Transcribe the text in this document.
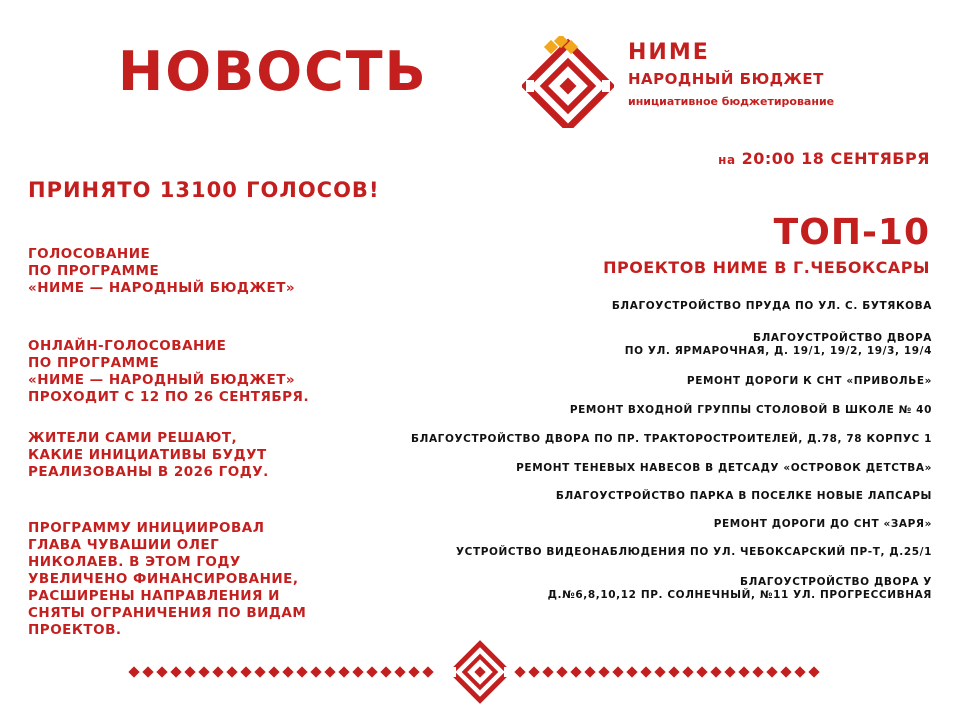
НОВОСТЬ	НИМЕ
НАРОДНЫЙ БЮДЖЕТ
инициативное бюджетирование
на 20:00 18 СЕНТЯБРЯ
ПРИНЯТО 13100 ГОЛОСОВ!
ГОЛОСОВАНИЕ
ПО ПРОГРАММЕ
«НИМЕ — НАРОДНЫЙ БЮДЖЕТ»
ОНЛАЙН-ГОЛОСОВАНИЕ
ПО ПРОГРАММЕ
«НИМЕ — НАРОДНЫЙ БЮДЖЕТ»
ПРОХОДИТ С 12 ПО 26 СЕНТЯБРЯ.
ЖИТЕЛИ САМИ РЕШАЮТ,
КАКИЕ ИНИЦИАТИВЫ БУДУТ
РЕАЛИЗОВАНЫ В 2026 ГОДУ.
ПРОГРАММУ ИНИЦИИРОВАЛ
ГЛАВА ЧУВАШИИ ОЛЕГ
НИКОЛАЕВ. В ЭТОМ ГОДУ
УВЕЛИЧЕНО ФИНАНСИРОВАНИЕ,
РАСШИРЕНЫ НАПРАВЛЕНИЯ И
СНЯТЫ ОГРАНИЧЕНИЯ ПО ВИДАМ
ПРОЕКТОВ.
ТОП-10
ПРОЕКТОВ НИМЕ В Г.ЧЕБОКСАРЫ
БЛАГОУСТРОЙСТВО ПРУДА ПО УЛ. С. БУТЯКОВА
БЛАГОУСТРОЙСТВО ДВОРА
ПО УЛ. ЯРМАРОЧНАЯ, Д. 19/1, 19/2, 19/3, 19/4
РЕМОНТ ДОРОГИ К СНТ «ПРИВОЛЬЕ»
РЕМОНТ ВХОДНОЙ ГРУППЫ СТОЛОВОЙ В ШКОЛЕ № 40
БЛАГОУСТРОЙСТВО ДВОРА ПО ПР. ТРАКТОРОСТРОИТЕЛЕЙ, Д.78, 78 КОРПУС 1
РЕМОНТ ТЕНЕВЫХ НАВЕСОВ В ДЕТСАДУ «ОСТРОВОК ДЕТСТВА»
БЛАГОУСТРОЙСТВО ПАРКА В ПОСЕЛКЕ НОВЫЕ ЛАПСАРЫ
РЕМОНТ ДОРОГИ ДО СНТ «ЗАРЯ»
УСТРОЙСТВО ВИДЕОНАБЛЮДЕНИЯ ПО УЛ. ЧЕБОКСАРСКИЙ ПР-Т, Д.25/1
БЛАГОУСТРОЙСТВО ДВОРА У
Д.№6,8,10,12 ПР. СОЛНЕЧНЫЙ, №11 УЛ. ПРОГРЕССИВНАЯ
